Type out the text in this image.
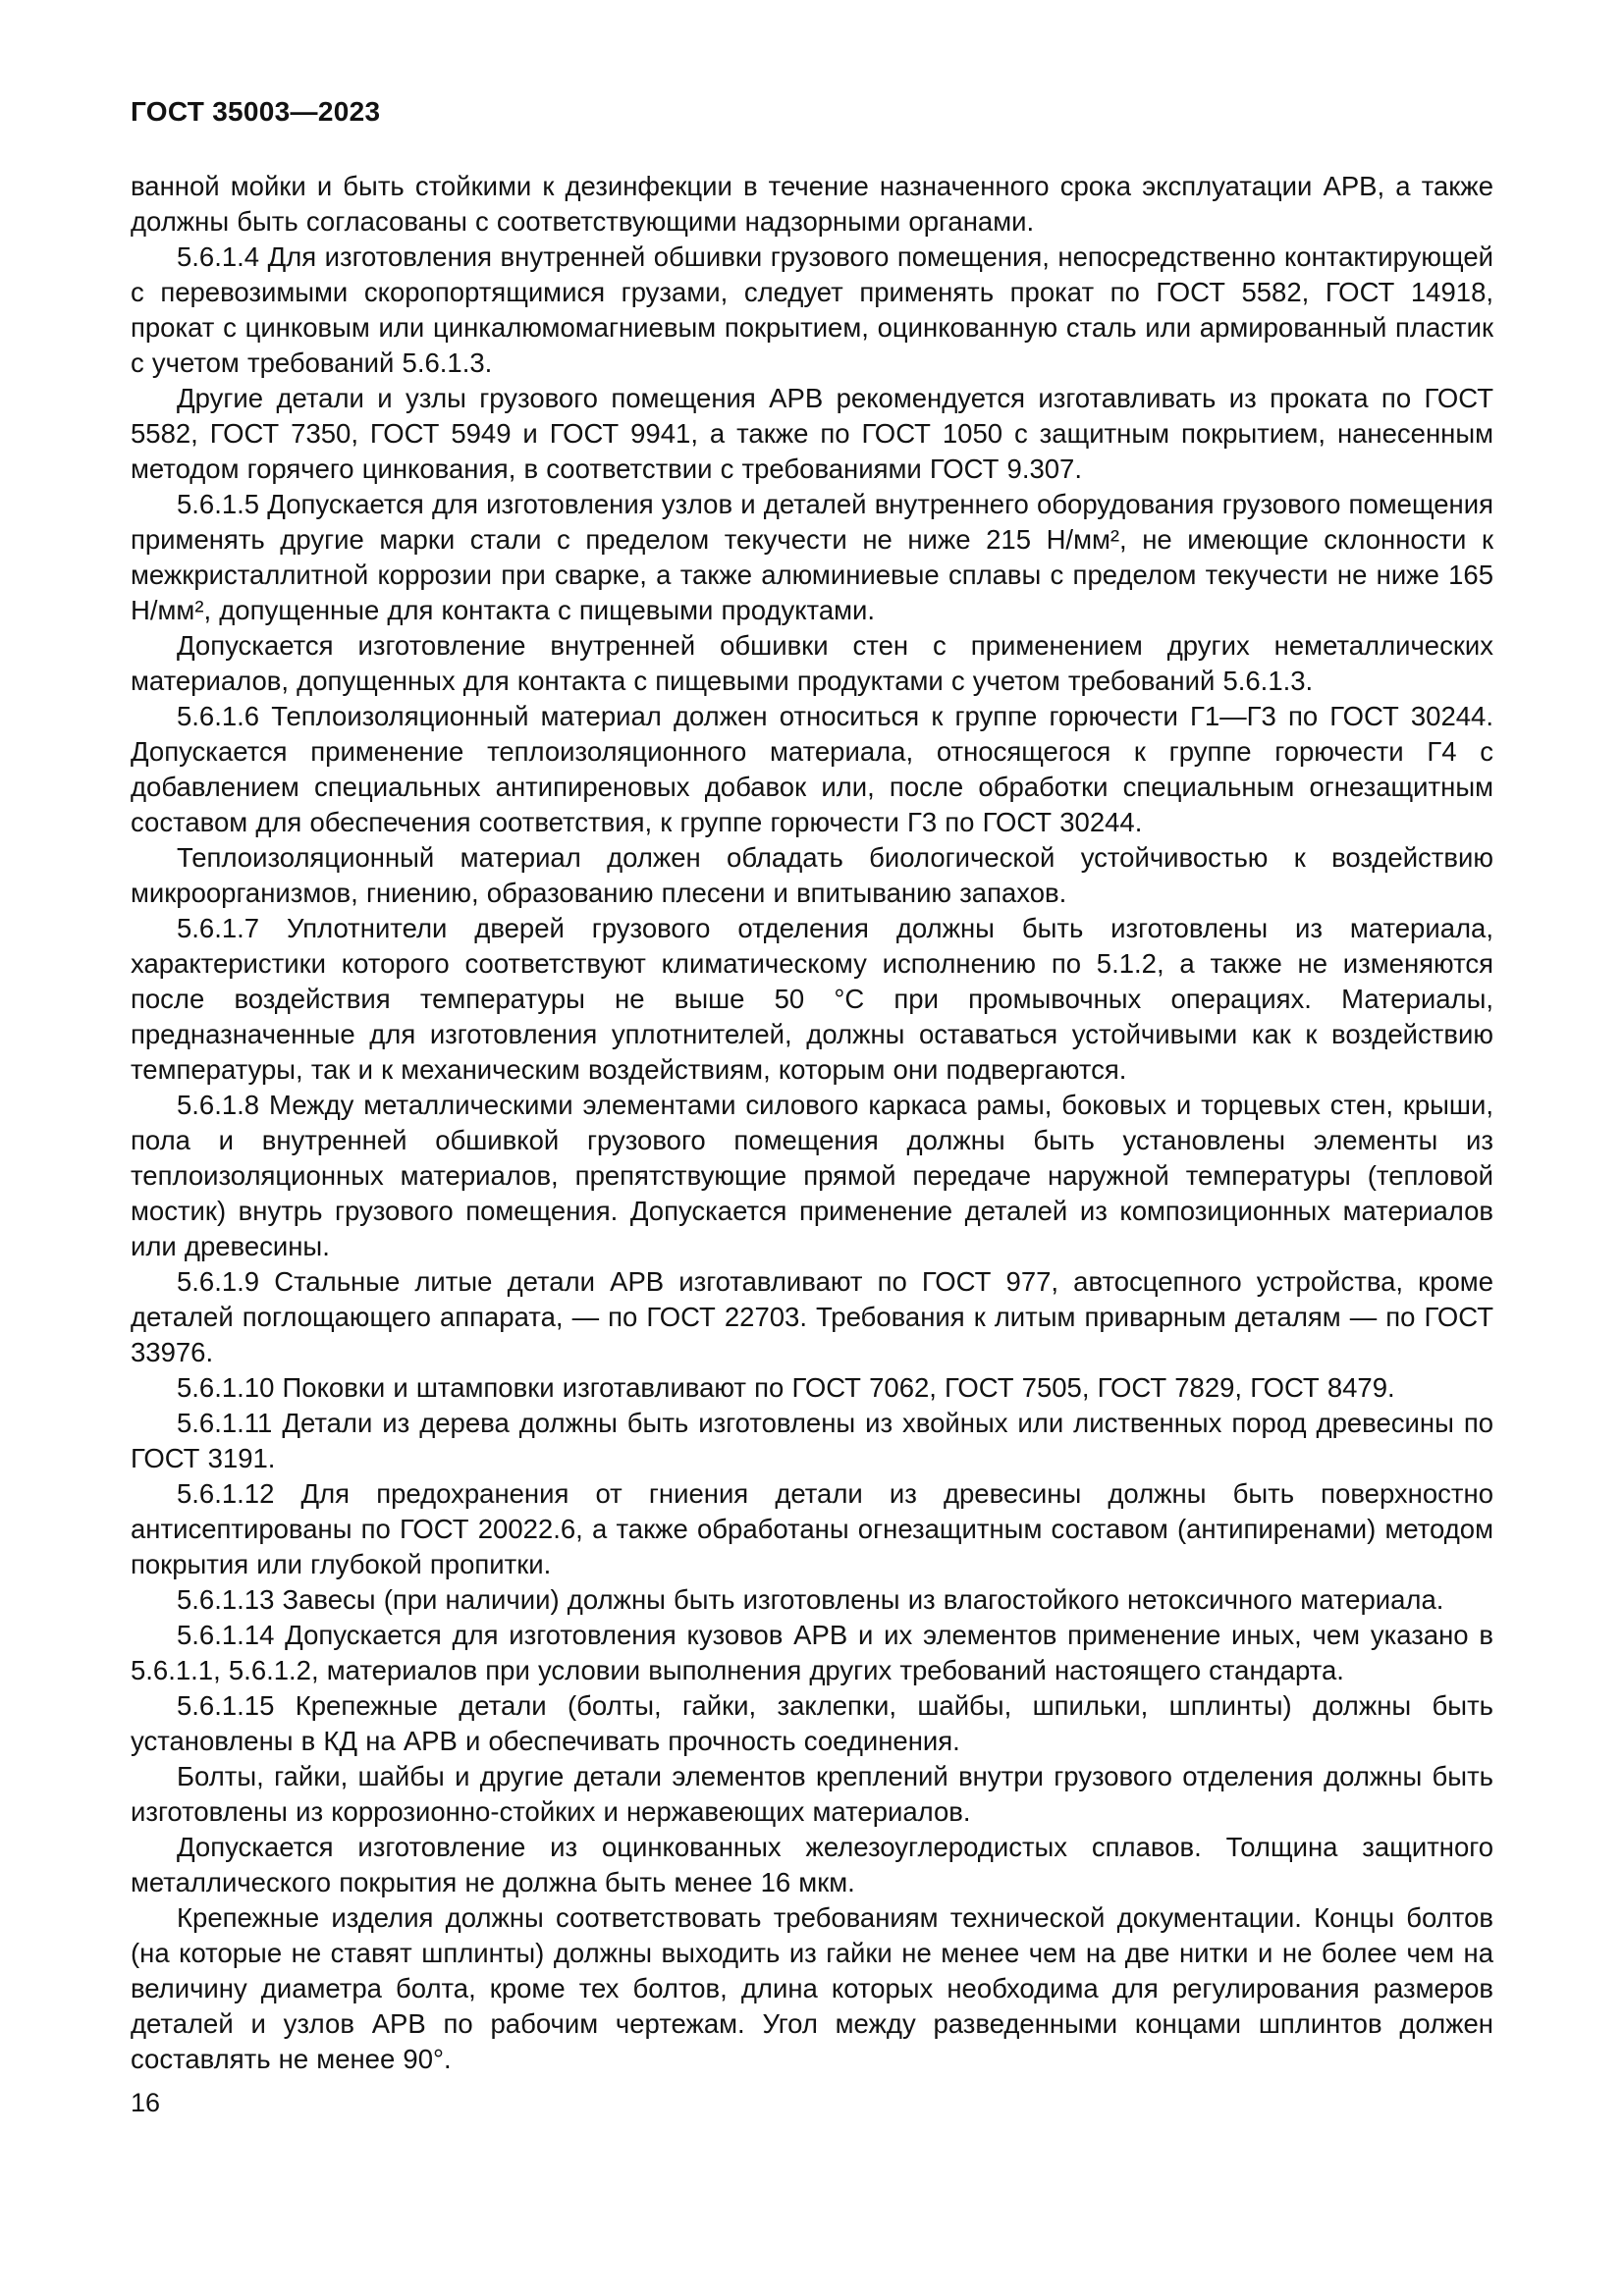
ГОСТ 35003—2023

ванной мойки и быть стойкими к дезинфекции в течение назначенного срока эксплуатации АРВ, а также должны быть согласованы с соответствующими надзорными органами.

5.6.1.4 Для изготовления внутренней обшивки грузового помещения, непосредственно контактирующей с перевозимыми скоропортящимися грузами, следует применять прокат по ГОСТ 5582, ГОСТ 14918, прокат с цинковым или цинкалюмомагниевым покрытием, оцинкованную сталь или армированный пластик с учетом требований 5.6.1.3.

Другие детали и узлы грузового помещения АРВ рекомендуется изготавливать из проката по ГОСТ 5582, ГОСТ 7350, ГОСТ 5949 и ГОСТ 9941, а также по ГОСТ 1050 с защитным покрытием, нанесенным методом горячего цинкования, в соответствии с требованиями ГОСТ 9.307.

5.6.1.5 Допускается для изготовления узлов и деталей внутреннего оборудования грузового помещения применять другие марки стали с пределом текучести не ниже 215 Н/мм², не имеющие склонности к межкристаллитной коррозии при сварке, а также алюминиевые сплавы с пределом текучести не ниже 165 Н/мм², допущенные для контакта с пищевыми продуктами.

Допускается изготовление внутренней обшивки стен с применением других неметаллических материалов, допущенных для контакта с пищевыми продуктами с учетом требований 5.6.1.3.

5.6.1.6 Теплоизоляционный материал должен относиться к группе горючести Г1—Г3 по ГОСТ 30244. Допускается применение теплоизоляционного материала, относящегося к группе горючести Г4 с добавлением специальных антипиреновых добавок или, после обработки специальным огнезащитным составом для обеспечения соответствия, к группе горючести Г3 по ГОСТ 30244.

Теплоизоляционный материал должен обладать биологической устойчивостью к воздействию микроорганизмов, гниению, образованию плесени и впитыванию запахов.

5.6.1.7 Уплотнители дверей грузового отделения должны быть изготовлены из материала, характеристики которого соответствуют климатическому исполнению по 5.1.2, а также не изменяются после воздействия температуры не выше 50 °С при промывочных операциях. Материалы, предназначенные для изготовления уплотнителей, должны оставаться устойчивыми как к воздействию температуры, так и к механическим воздействиям, которым они подвергаются.

5.6.1.8 Между металлическими элементами силового каркаса рамы, боковых и торцевых стен, крыши, пола и внутренней обшивкой грузового помещения должны быть установлены элементы из теплоизоляционных материалов, препятствующие прямой передаче наружной температуры (тепловой мостик) внутрь грузового помещения. Допускается применение деталей из композиционных материалов или древесины.

5.6.1.9 Стальные литые детали АРВ изготавливают по ГОСТ 977, автосцепного устройства, кроме деталей поглощающего аппарата, — по ГОСТ 22703. Требования к литым приварным деталям — по ГОСТ 33976.

5.6.1.10 Поковки и штамповки изготавливают по ГОСТ 7062, ГОСТ 7505, ГОСТ 7829, ГОСТ 8479.

5.6.1.11 Детали из дерева должны быть изготовлены из хвойных или лиственных пород древесины по ГОСТ 3191.

5.6.1.12 Для предохранения от гниения детали из древесины должны быть поверхностно антисептированы по ГОСТ 20022.6, а также обработаны огнезащитным составом (антипиренами) методом покрытия или глубокой пропитки.

5.6.1.13 Завесы (при наличии) должны быть изготовлены из влагостойкого нетоксичного материала.

5.6.1.14 Допускается для изготовления кузовов АРВ и их элементов применение иных, чем указано в 5.6.1.1, 5.6.1.2, материалов при условии выполнения других требований настоящего стандарта.

5.6.1.15 Крепежные детали (болты, гайки, заклепки, шайбы, шпильки, шплинты) должны быть установлены в КД на АРВ и обеспечивать прочность соединения.

Болты, гайки, шайбы и другие детали элементов креплений внутри грузового отделения должны быть изготовлены из коррозионно-стойких и нержавеющих материалов.

Допускается изготовление из оцинкованных железоуглеродистых сплавов. Толщина защитного металлического покрытия не должна быть менее 16 мкм.

Крепежные изделия должны соответствовать требованиям технической документации. Концы болтов (на которые не ставят шплинты) должны выходить из гайки не менее чем на две нитки и не более чем на величину диаметра болта, кроме тех болтов, длина которых необходима для регулирования размеров деталей и узлов АРВ по рабочим чертежам. Угол между разведенными концами шплинтов должен составлять не менее 90°.

16
